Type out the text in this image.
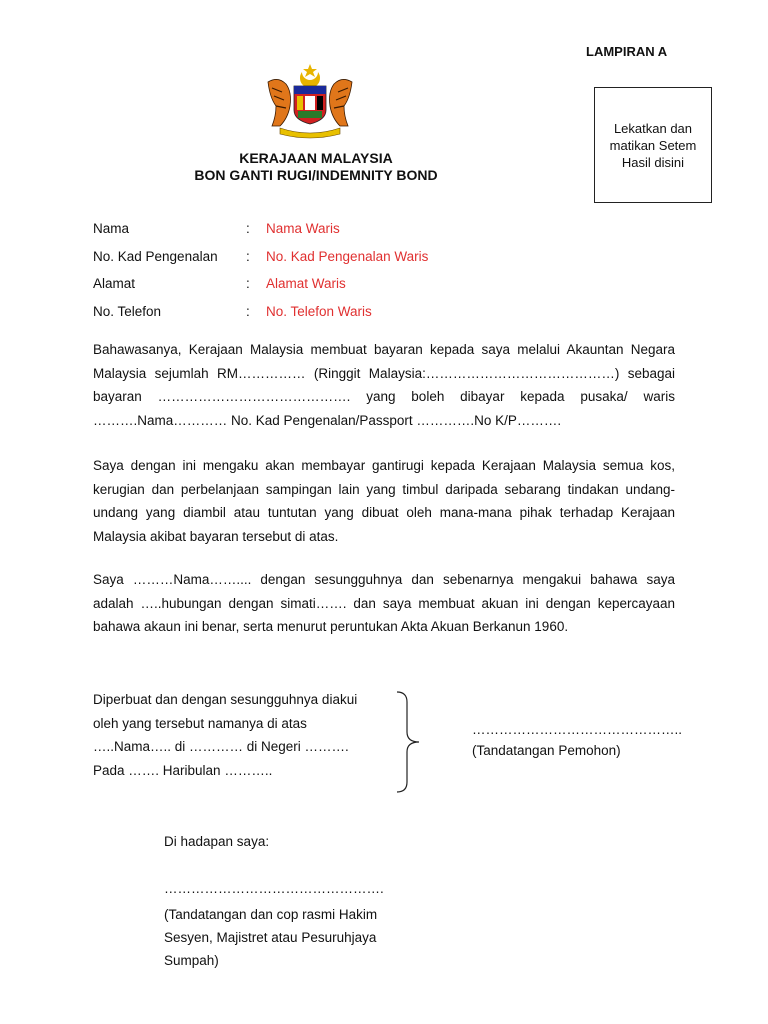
LAMPIRAN A
Lekatkan dan matikan Setem Hasil disini
KERAJAAN MALAYSIA
BON GANTI RUGI/INDEMNITY BOND
Nama	: Nama Waris
No. Kad Pengenalan : No. Kad Pengenalan Waris
Alamat	: Alamat Waris
No. Telefon	: No. Telefon Waris
Bahawasanya, Kerajaan Malaysia membuat bayaran kepada saya melalui Akauntan Negara Malaysia sejumlah RM…………… (Ringgit Malaysia:……………………………………) sebagai bayaran ……………………………………. yang boleh dibayar kepada pusaka/ waris ……….Nama………… No. Kad Pengenalan/Passport ………….No K/P……….
Saya dengan ini mengaku akan membayar gantirugi kepada Kerajaan Malaysia semua kos, kerugian dan perbelanjaan sampingan lain yang timbul daripada sebarang tindakan undang-undang yang diambil atau tuntutan yang dibuat oleh mana-mana pihak terhadap Kerajaan Malaysia akibat bayaran tersebut di atas.
Saya ………Nama…….... dengan sesungguhnya dan sebenarnya mengakui bahawa saya adalah …..hubungan dengan simati……. dan saya membuat akuan ini dengan kepercayaan bahawa akaun ini benar, serta menurut peruntukan Akta Akuan Berkanun 1960.
Diperbuat dan dengan sesungguhnya diakui
oleh yang tersebut namanya di atas
…..Nama….. di ………… di Negeri ……….
Pada ……. Haribulan ………..
………………………………………..
(Tandatangan Pemohon)
Di hadapan saya:
………………………………………….
(Tandatangan dan cop rasmi Hakim Sesyen, Majistret atau Pesuruhjaya Sumpah)
